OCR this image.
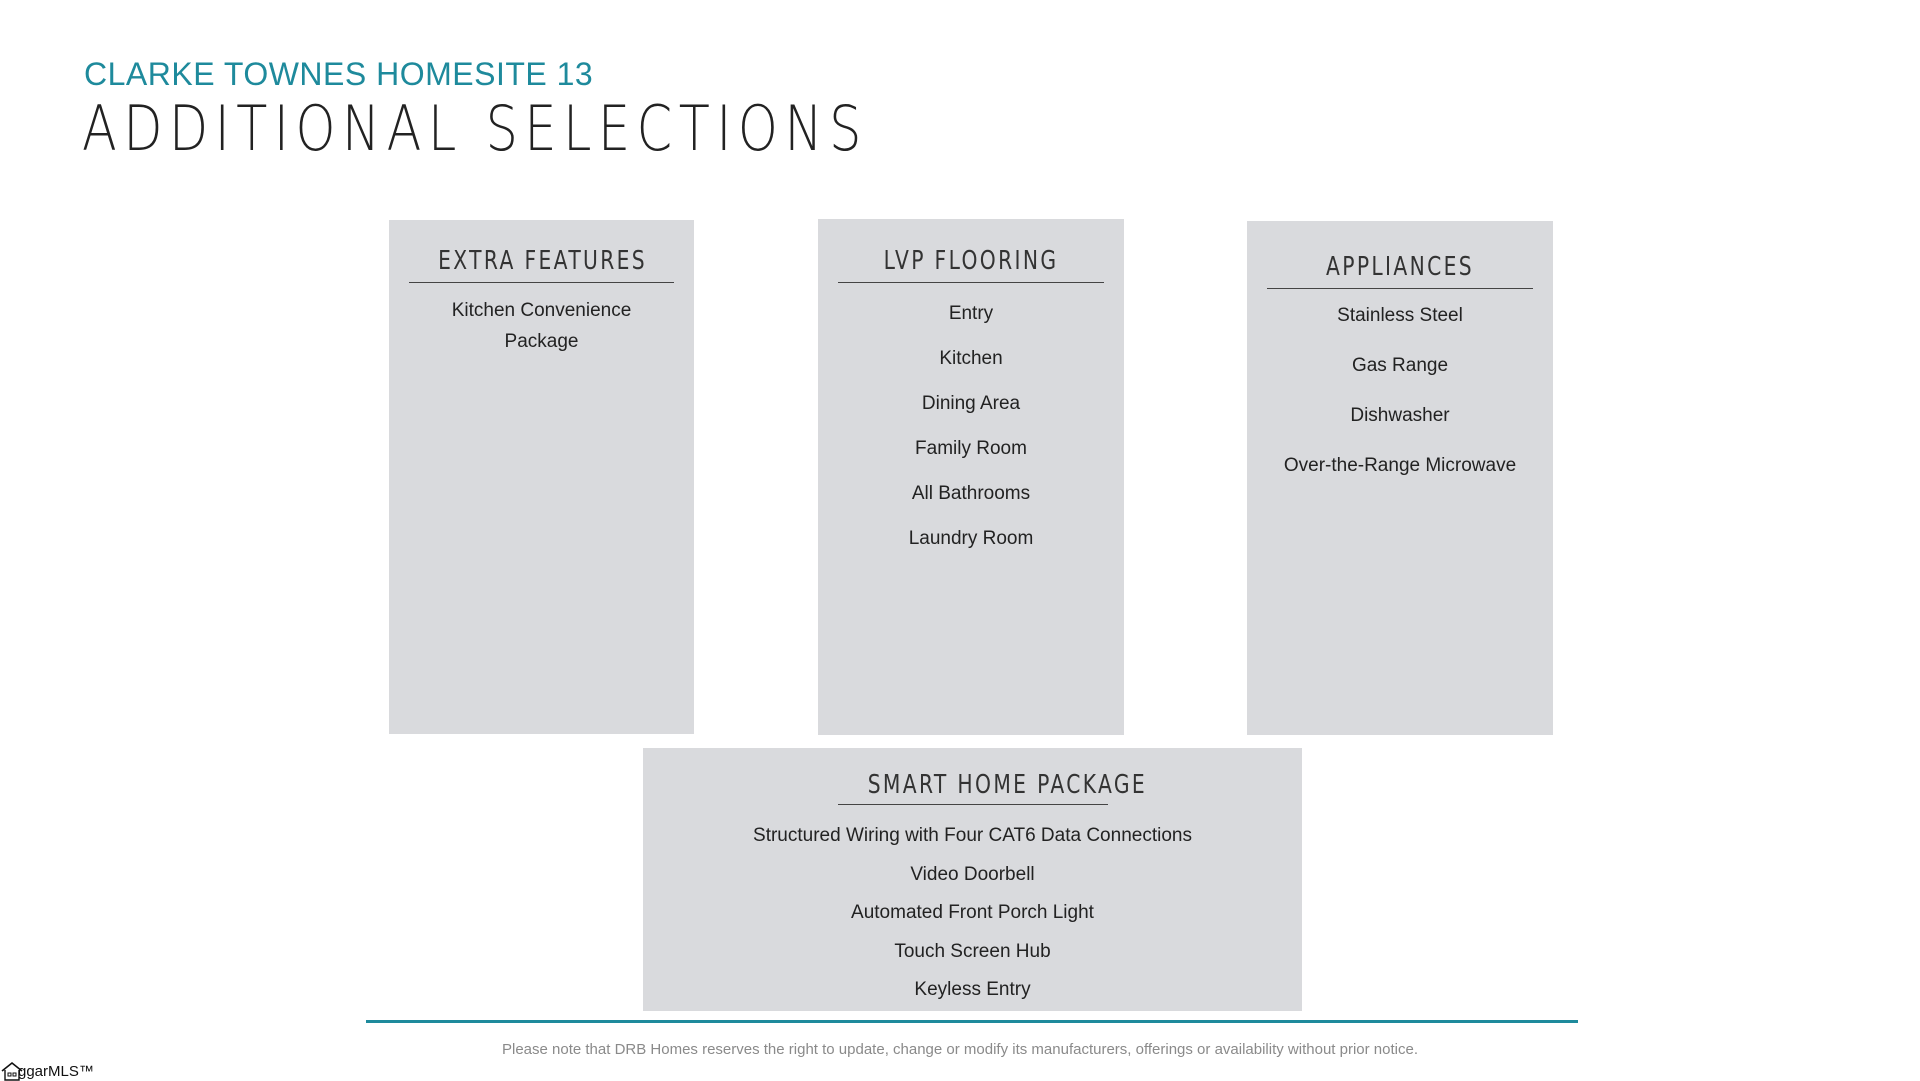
CLARKE TOWNES HOMESITE 13
ADDITIONAL SELECTIONS
EXTRA FEATURES
Kitchen Convenience
Package
LVP FLOORING
Entry
Kitchen
Dining Area
Family Room
All Bathrooms
Laundry Room
APPLIANCES
Stainless Steel
Gas Range
Dishwasher
Over-the-Range Microwave
SMART HOME PACKAGE
Structured Wiring with Four CAT6 Data Connections
Video Doorbell
Automated Front Porch Light
Touch Screen Hub
Keyless Entry
Please note that DRB Homes reserves the right to update, change or modify its manufacturers, offerings or availability without prior notice.
ggarMLS™
